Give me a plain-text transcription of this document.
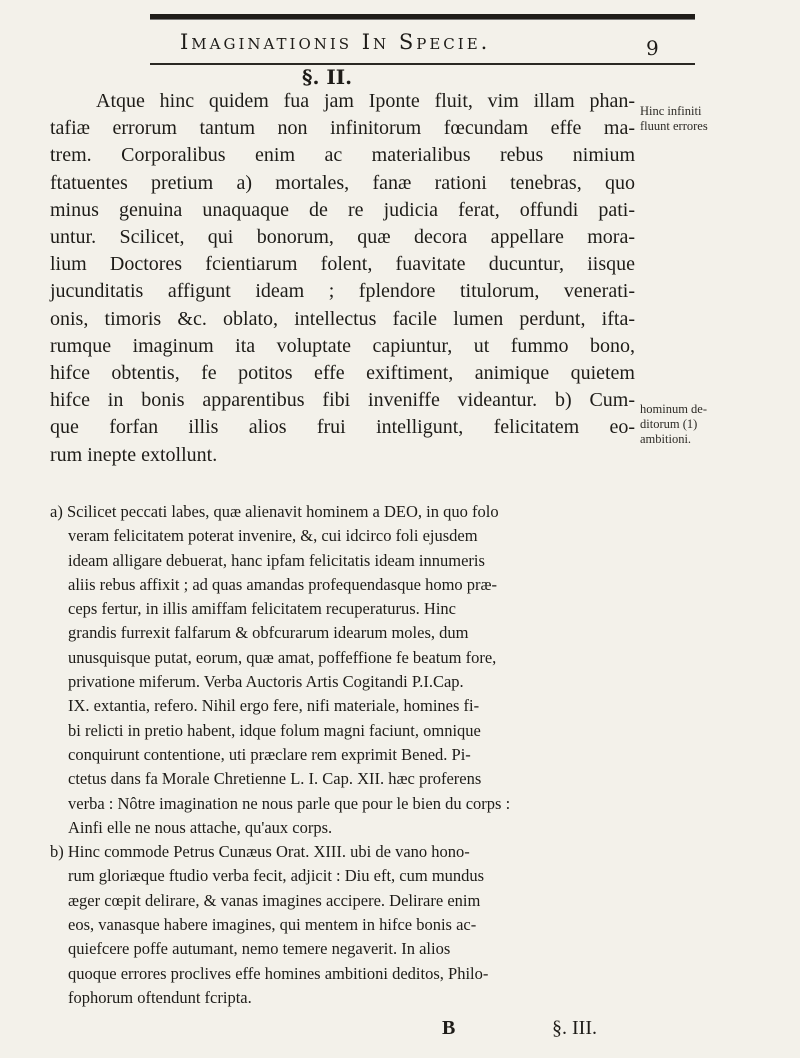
Imaginationis In Specie.	9
§. II.
Atque hinc quidem fua jam Iponte fluit, vim illam phan-
tafiæ errorum tantum non infinitorum fœcundam effe ma-
trem. Corporalibus enim ac materialibus rebus nimium
ftatuentes pretium a) mortales, fanæ rationi tenebras, quo
minus genuina unaquaque de re judicia ferat, offundi pati-
untur. Scilicet, qui bonorum, quæ decora appellare mora-
lium Doctores fcientiarum folent, fuavitate ducuntur, iisque
jucunditatis affigunt ideam ; fplendore titulorum, venerati-
onis, timoris &c. oblato, intellectus facile lumen perdunt, ifta-
rumque imaginum ita voluptate capiuntur, ut fummo bono,
hifce obtentis, fe potitos effe exiftiment, animique quietem
hifce in bonis apparentibus fibi inveniffe videantur. b) Cum-
que forfan illis alios frui intelligunt, felicitatem eo-
rum inepte extollunt.
Hinc infiniti
fluunt errores
hominum de-
ditorum (1)
ambitioni.
a) Scilicet peccati labes, quæ alienavit hominem a DEO, in quo folo
veram felicitatem poterat invenire, &, cui idcirco foli ejusdem
ideam alligare debuerat, hanc ipfam felicitatis ideam innumeris
aliis rebus affixit ; ad quas amandas profequendasque homo præ-
ceps fertur, in illis amiffam felicitatem recuperaturus. Hinc
grandis furrexit falfarum & obfcurarum idearum moles, dum
unusquisque putat, eorum, quæ amat, poffeffione fe beatum fore,
privatione miferum. Verba Auctoris Artis Cogitandi P.I.Cap.
IX. extantia, refero. Nihil ergo fere, nifi materiale, homines fi-
bi relicti in pretio habent, idque folum magni faciunt, omnique
conquirunt contentione, uti præclare rem exprimit Bened. Pi-
ctetus dans fa Morale Chretienne L. I. Cap. XII. hæc proferens
verba : Nôtre imagination ne nous parle que pour le bien du corps :
Ainfi elle ne nous attache, qu'aux corps.
b) Hinc commode Petrus Cunæus Orat. XIII. ubi de vano hono-
rum gloriæque ftudio verba fecit, adjicit : Diu eft, cum mundus
æger cœpit delirare, & vanas imagines accipere. Delirare enim
eos, vanasque habere imagines, qui mentem in hifce bonis ac-
quiefcere poffe autumant, nemo temere negaverit. In alios
quoque errores proclives effe homines ambitioni deditos, Philo-
fophorum oftendunt fcripta.
B	§. III.
